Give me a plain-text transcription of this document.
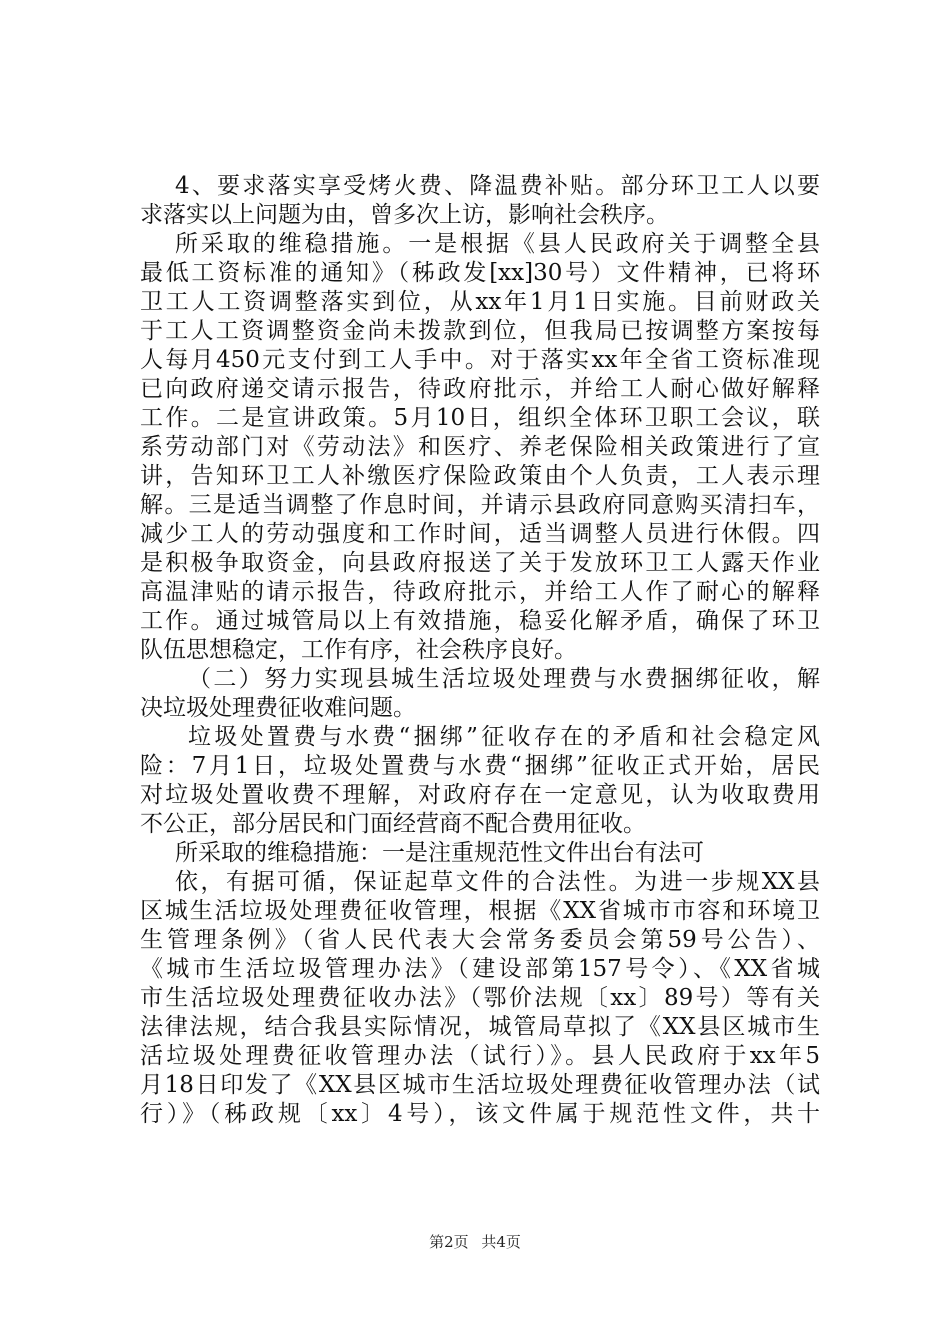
4、要求落实享受烤火费、降温费补贴。部分环卫工人以要
求落实以上问题为由，曾多次上访，影响社会秩序。
所采取的维稳措施。一是根据《县人民政府关于调整全县
最低工资标准的通知》（秭政发[xx]30号）文件精神，已将环
卫工人工资调整落实到位，从xx年1月1日实施。目前财政关
于工人工资调整资金尚未拨款到位，但我局已按调整方案按每
人每月450元支付到工人手中。对于落实xx年全省工资标准现
已向政府递交请示报告，待政府批示，并给工人耐心做好解释
工作。二是宣讲政策。5月10日，组织全体环卫职工会议，联
系劳动部门对《劳动法》和医疗、养老保险相关政策进行了宣
讲，告知环卫工人补缴医疗保险政策由个人负责，工人表示理
解。三是适当调整了作息时间，并请示县政府同意购买清扫车，
减少工人的劳动强度和工作时间，适当调整人员进行休假。四
是积极争取资金，向县政府报送了关于发放环卫工人露天作业
高温津贴的请示报告，待政府批示，并给工人作了耐心的解释
工作。通过城管局以上有效措施，稳妥化解矛盾，确保了环卫
队伍思想稳定，工作有序，社会秩序良好。
（二）努力实现县城生活垃圾处理费与水费捆绑征收，解
决垃圾处理费征收难问题。
垃圾处置费与水费“捆绑”征收存在的矛盾和社会稳定风
险：7月1日，垃圾处置费与水费“捆绑”征收正式开始，居民
对垃圾处置收费不理解，对政府存在一定意见，认为收取费用
不公正，部分居民和门面经营商不配合费用征收。
所采取的维稳措施：一是注重规范性文件出台有法可
依，有据可循，保证起草文件的合法性。为进一步规XX县
区城生活垃圾处理费征收管理，根据《XX省城市市容和环境卫
生管理条例》（省人民代表大会常务委员会第59号公告）、
《城市生活垃圾管理办法》（建设部第157号令）、《XX省城
市生活垃圾处理费征收办法》（鄂价法规〔xx〕89号）等有关
法律法规，结合我县实际情况，城管局草拟了《XX县区城市生
活垃圾处理费征收管理办法（试行）》。县人民政府于xx年5
月18日印发了《XX县区城市生活垃圾处理费征收管理办法（试
行）》（秭政规〔xx〕4号），该文件属于规范性文件，共十
第2页 共4页
